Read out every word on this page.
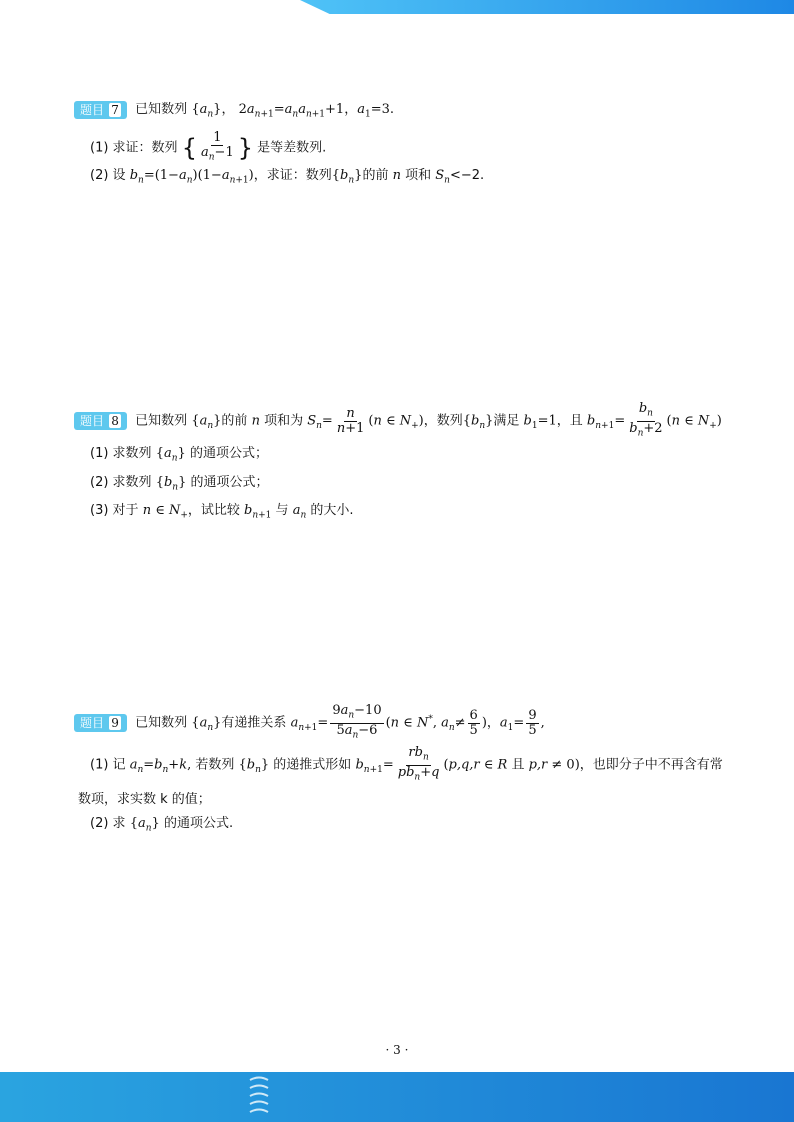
题目 7 已知数列 $\{a_n\}$， $2a_{n+1}=a_na_{n+1}+1$，$a_1=3$.
(1) 求证：数列 { $\frac{1}{a_n-1}$ } 是等差数列.
(2) 设 $b_n=(1-a_n)(1-a_{n+1})$，求证：数列$\{b_n\}$的前 n 项和 $S_n<-2$.
题目 8 已知数列 $\{a_n\}$的前 n 项和为 $S_n= \frac{n}{n+1} (n$ ∈ $N_+$)，数列$\{b_n\}$满足 $b_1=1$，且 $b_{n+1}= \frac{b_n}{b_n+2} (n$ ∈ $N_+$)
(1) 求数列 $\{a_n\}$ 的通项公式；
(2) 求数列 $\{b_n\}$ 的通项公式；
(3) 对于 n ∈ $N_+$，试比较 $b_{n+1}$ 与 $a_n$ 的大小.
题目 9 已知数列 $\{a_n\}$有递推关系 $a_{n+1}= \frac{9a_n-10}{5a_n-6} (n$ ∈ N*, $a_n\ne \frac{6}{5}$ )，$a_1= \frac{9}{5}$ ,
(1) 记 $a_n=b_n+k$, 若数列 $\{b_n\}$ 的递推式形如 $b_{n+1}= \frac{rb_n}{pb_n+q} (p,q,r$ ∈ R 且 p,r ≠ 0)，也即分子中不再含有常
数项，求实数 k 的值；
(2) 求 $\{a_n\}$ 的通项公式.
· 3 ·
